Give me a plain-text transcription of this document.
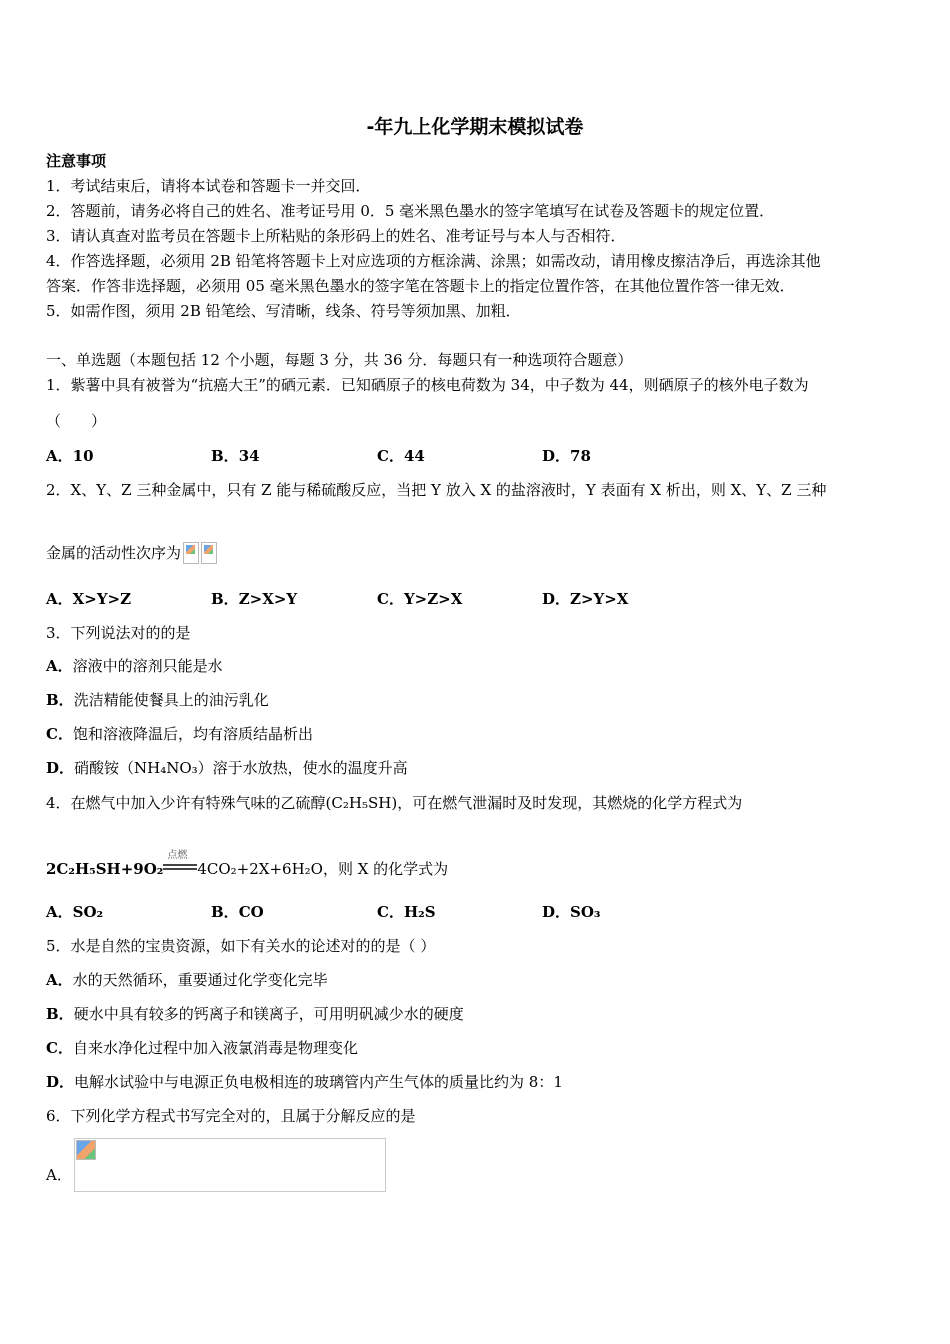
-年九上化学期末模拟试卷
注意事项
1．考试结束后，请将本试卷和答题卡一并交回．
2．答题前，请务必将自己的姓名、准考证号用 0．5 毫米黑色墨水的签字笔填写在试卷及答题卡的规定位置．
3．请认真查对监考员在答题卡上所粘贴的条形码上的姓名、准考证号与本人与否相符．
4．作答选择题，必须用 2B 铅笔将答题卡上对应选项的方框涂满、涂黑；如需改动，请用橡皮擦洁净后，再选涂其他
答案．作答非选择题，必须用 05 毫米黑色墨水的签字笔在答题卡上的指定位置作答，在其他位置作答一律无效．
5．如需作图，须用 2B 铅笔绘、写清晰，线条、符号等须加黑、加粗．
一、单选题（本题包括 12 个小题，每题 3 分，共 36 分．每题只有一种选项符合题意）
1．紫薯中具有被誉为“抗癌大王”的硒元素．已知硒原子的核电荷数为 34，中子数为 44，则硒原子的核外电子数为
（　　）
A．10	B．34	C．44	D．78
2．X、Y、Z 三种金属中，只有 Z 能与稀硫酸反应，当把 Y 放入 X 的盐溶液时，Y 表面有 X 析出，则 X、Y、Z 三种
金属的活动性次序为
A．X>Y>Z	B．Z>X>Y	C．Y>Z>X	D．Z>Y>X
3．下列说法对的的是
A．溶液中的溶剂只能是水
B．洗洁精能使餐具上的油污乳化
C．饱和溶液降温后，均有溶质结晶析出
D．硝酸铵（NH₄NO₃）溶于水放热，使水的温度升高
4．在燃气中加入少许有特殊气味的乙硫醇(C₂H₅SH)，可在燃气泄漏时及时发现，其燃烧的化学方程式为
2C₂H₅SH+9O₂
点燃
4CO₂+2X+6H₂O，则 X 的化学式为
A．SO₂	B．CO	C．H₂S	D．SO₃
5．水是自然的宝贵资源，如下有关水的论述对的的是（ ）
A．水的天然循环，重要通过化学变化完毕
B．硬水中具有较多的钙离子和镁离子，可用明矾减少水的硬度
C．自来水净化过程中加入液氯消毒是物理变化
D．电解水试验中与电源正负电极相连的玻璃管内产生气体的质量比约为 8：1
6．下列化学方程式书写完全对的，且属于分解反应的是
A．
